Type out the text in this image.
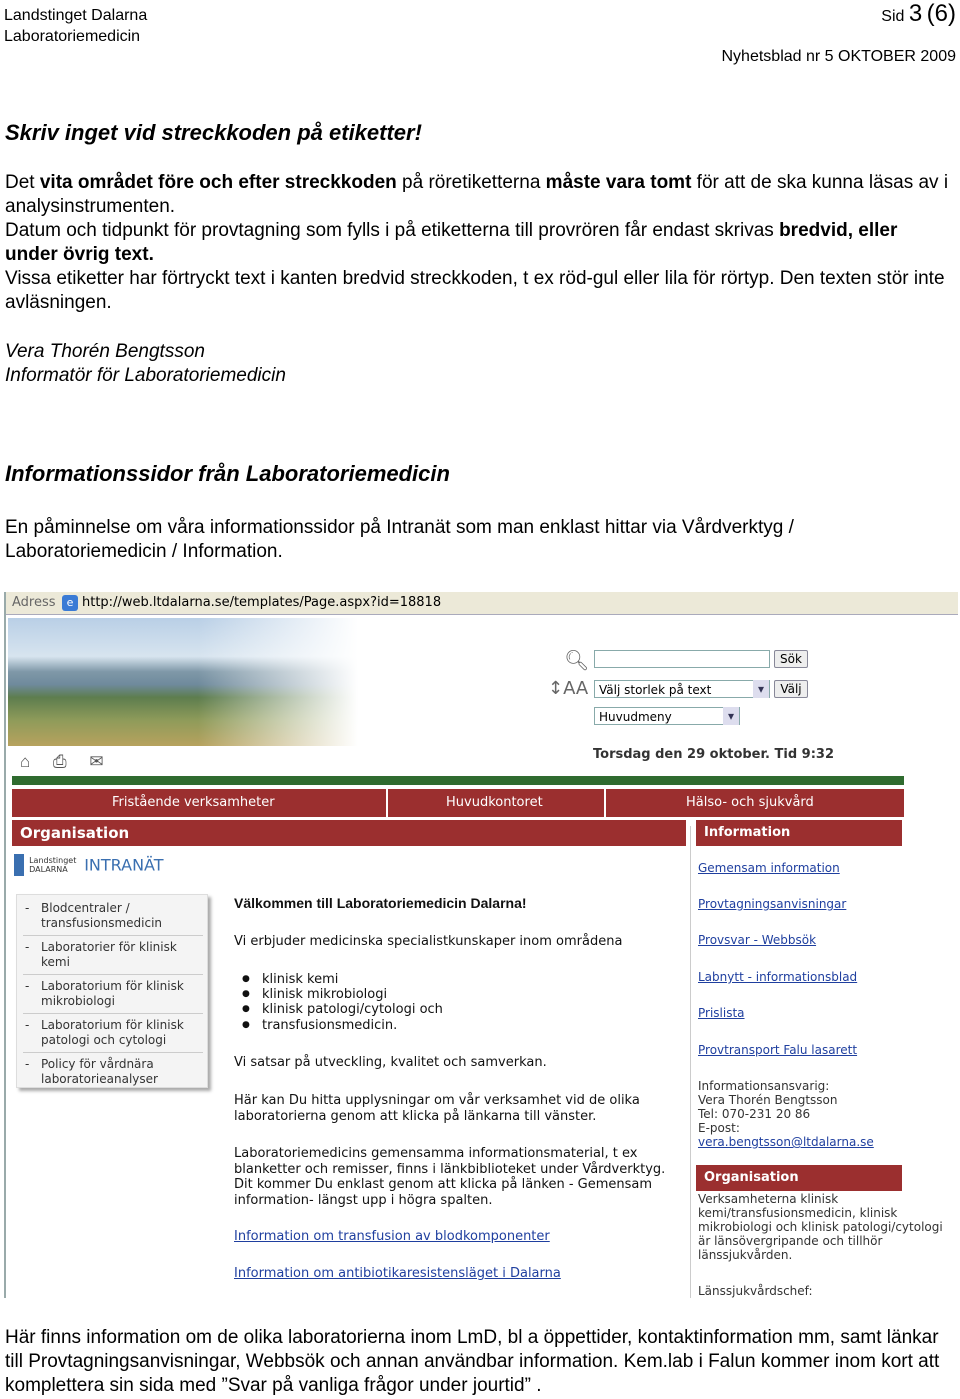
Landstinget Dalarna
Laboratoriemedicin
Sid 3 (6)
Nyhetsblad nr 5 OKTOBER 2009
Skriv inget vid streckkoden på etiketter!
Det vita området före och efter streckkoden på röretiketterna måste vara tomt för att de ska kunna läsas av i analysinstrumenten.
Datum och tidpunkt för provtagning som fylls i på etiketterna till provrören får endast skrivas bredvid, eller under övrig text.
Vissa etiketter har förtryckt text i kanten bredvid streckkoden, t ex röd-gul eller lila för rörtyp. Den texten stör inte avläsningen.
Vera Thorén Bengtsson
Informatör för Laboratoriemedicin
Informationssidor från Laboratoriemedicin
En påminnelse om våra informationssidor på Intranät som man enklast hittar via Vårdverktyg / Laboratoriemedicin / Information.
Adress	e http://web.ltdalarna.se/templates/Page.aspx?id=18818
🔍︎	Sök
↕AA Välj storlek på text ▾	Välj
Huvudmeny ▾
⌂ ⎙ ✉	Torsdag den 29 oktober. Tid 9:32
Fristående verksamheter	Huvudkontoret	Hälso- och sjukvård
Organisation	Information
Landstinget DALARNA INTRANÄT
- Blodcentraler / transfusionsmedicin
- Laboratorier för klinisk kemi
- Laboratorium för klinisk mikrobiologi
- Laboratorium för klinisk patologi och cytologi
- Policy för vårdnära laboratorieanalyser
Välkommen till Laboratoriemedicin Dalarna!
Vi erbjuder medicinska specialistkunskaper inom områdena
● klinisk kemi
● klinisk mikrobiologi
● klinisk patologi/cytologi och
● transfusionsmedicin.
Vi satsar på utveckling, kvalitet och samverkan.
Här kan Du hitta upplysningar om vår verksamhet vid de olika laboratorierna genom att klicka på länkarna till vänster.
Laboratoriemedicins gemensamma informationsmaterial, t ex blanketter och remisser, finns i länkbiblioteket under Vårdverktyg. Dit kommer Du enklast genom att klicka på länken - Gemensam information- längst upp i högra spalten.
Information om transfusion av blodkomponenter
Information om antibiotikaresistensläget i Dalarna
Gemensam information
Provtagningsanvisningar
Provsvar - Webbsök
Labnytt - informationsblad
Prislista
Provtransport Falu lasarett
Informationsansvarig:
Vera Thorén Bengtsson
Tel: 070-231 20 86
E-post:
vera.bengtsson@ltdalarna.se
Organisation
Verksamheterna klinisk kemi/transfusionsmedicin, klinisk mikrobiologi och klinisk patologi/cytologi är länsövergripande och tillhör länssjukvården.
Länssjukvårdschef:
Här finns information om de olika laboratorierna inom LmD, bl a öppettider, kontaktinformation mm, samt länkar till Provtagningsanvisningar, Webbsök och annan användbar information. Kem.lab i Falun kommer inom kort att komplettera sin sida med ”Svar på vanliga frågor under jourtid” .
